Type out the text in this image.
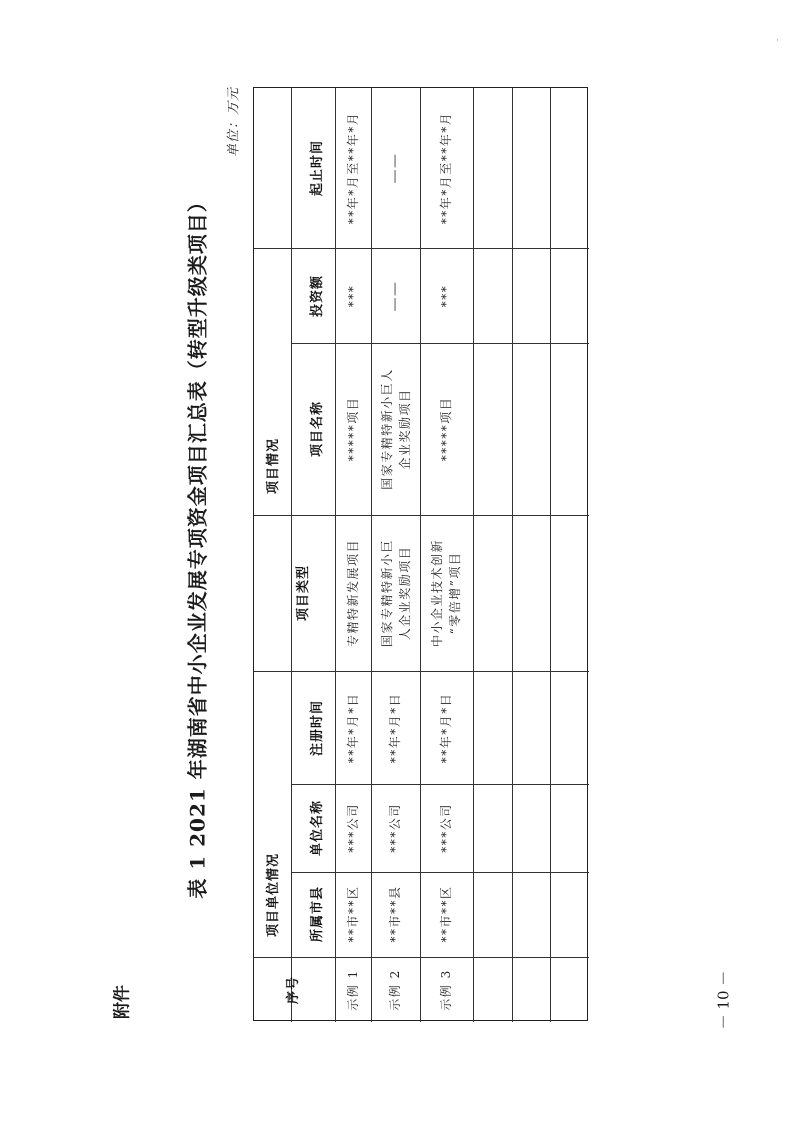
附件
表 1 2021 年湖南省中小企业发展专项资金项目汇总表（转型升级类项目）
单位：万元
－ 10 －
·
起止时间
投资额
项目名称
项目情况
项目类型
注册时间
单位名称
所属市县
项目单位情况
序号
**年*月至**年*月
***
*****项目
专精特新发展项目
**年*月*日
***公司
**市**区
示例 1
——
——
国家专精特新小巨人 企业奖励项目
国家专精特新小巨 人企业奖励项目
**年*月*日
***公司
**市**县
示例 2
**年*月至**年*月
***
*****项目
中小企业技术创新 “零倍增”项目
**年*月*日
***公司
**市**区
示例 3
